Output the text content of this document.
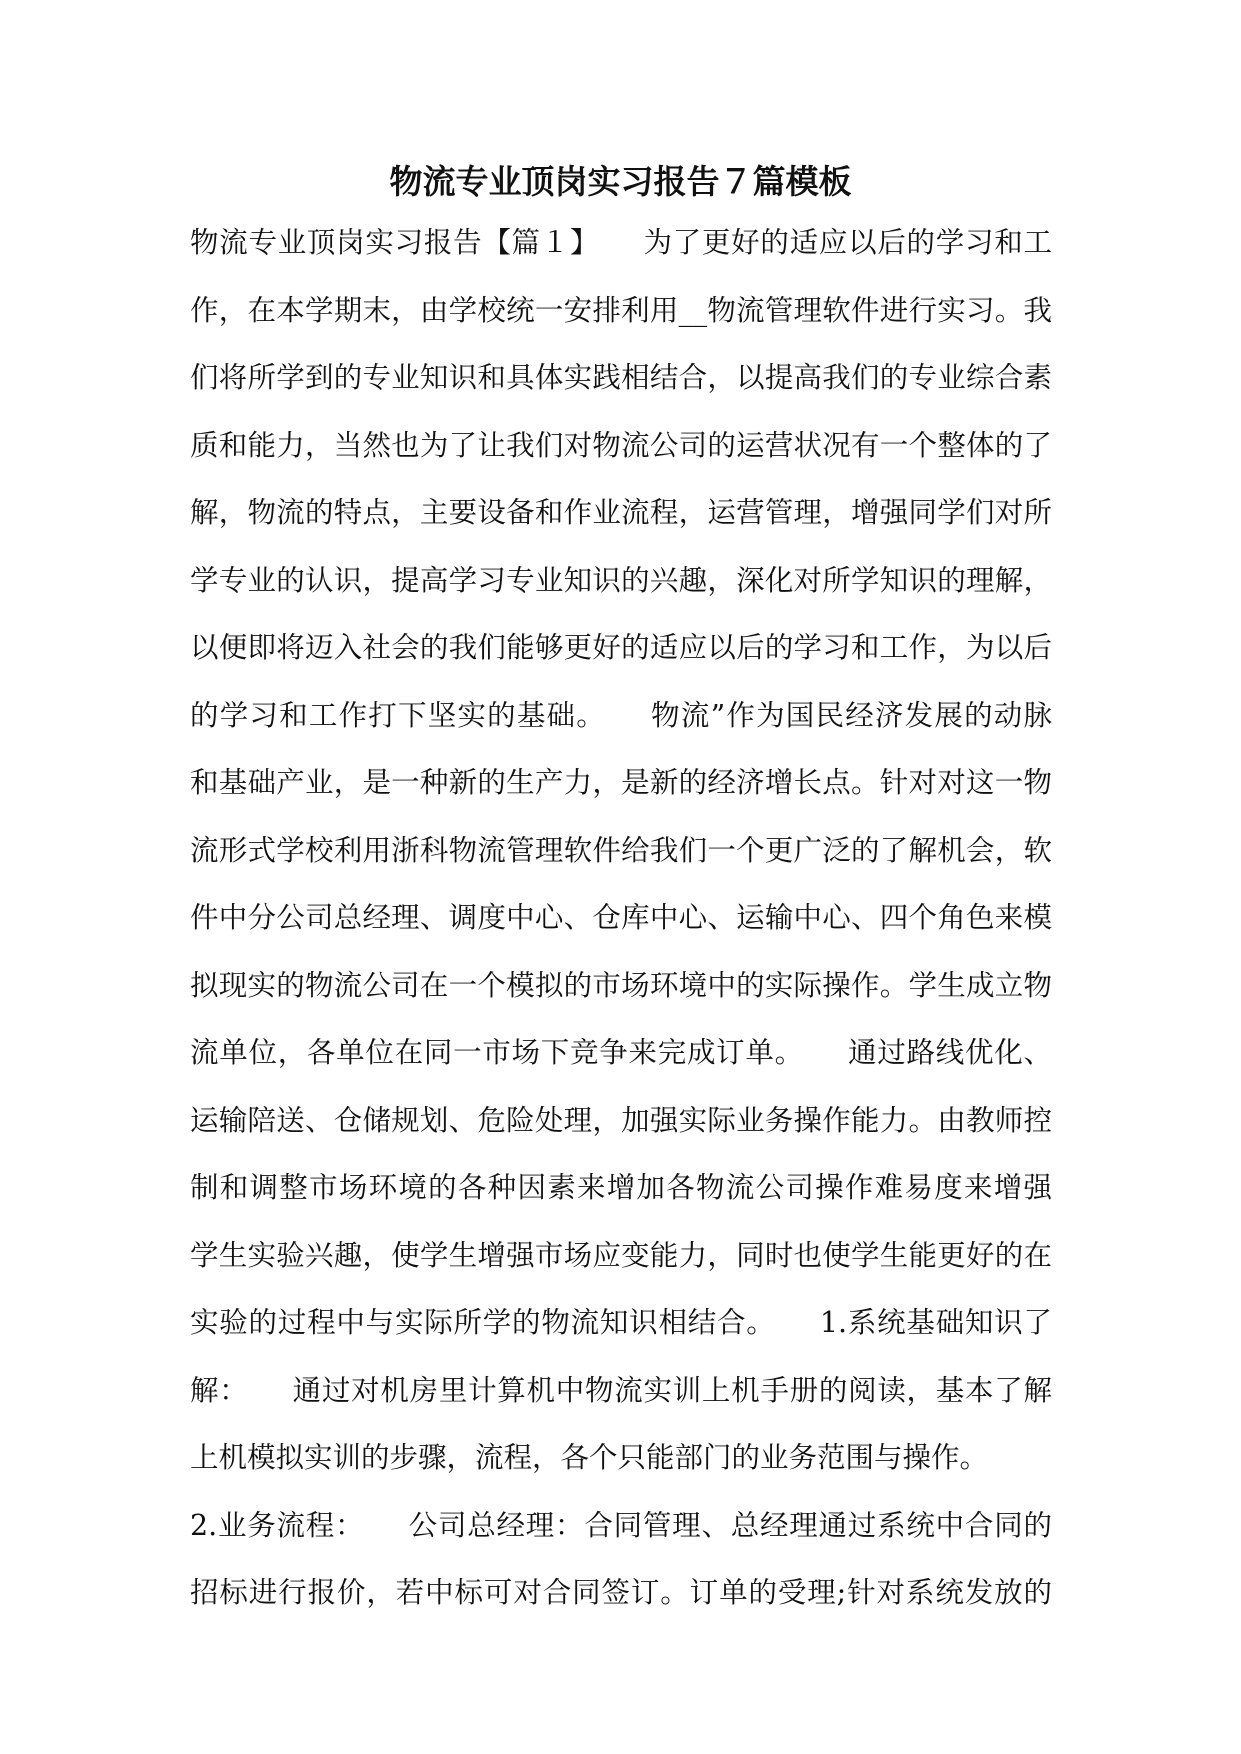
物流专业顶岗实习报告７篇模板
物流专业顶岗实习报告【篇１】　　为了更好的适应以后的学习和工
作，在本学期末，由学校统一安排利用__物流管理软件进行实习。我
们将所学到的专业知识和具体实践相结合，以提高我们的专业综合素
质和能力，当然也为了让我们对物流公司的运营状况有一个整体的了
解，物流的特点，主要设备和作业流程，运营管理，增强同学们对所
学专业的认识，提高学习专业知识的兴趣，深化对所学知识的理解，
以便即将迈入社会的我们能够更好的适应以后的学习和工作，为以后
的学习和工作打下坚实的基础。　　物流”作为国民经济发展的动脉
和基础产业，是一种新的生产力，是新的经济增长点。针对对这一物
流形式学校利用浙科物流管理软件给我们一个更广泛的了解机会，软
件中分公司总经理、调度中心、仓库中心、运输中心、四个角色来模
拟现实的物流公司在一个模拟的市场环境中的实际操作。学生成立物
流单位，各单位在同一市场下竞争来完成订单。　　通过路线优化、
运输陪送、仓储规划、危险处理，加强实际业务操作能力。由教师控
制和调整市场环境的各种因素来增加各物流公司操作难易度来增强
学生实验兴趣，使学生增强市场应变能力，同时也使学生能更好的在
实验的过程中与实际所学的物流知识相结合。　　1.系统基础知识了
解：　　通过对机房里计算机中物流实训上机手册的阅读，基本了解
上机模拟实训的步骤，流程，各个只能部门的业务范围与操作。
2.业务流程：　　公司总经理：合同管理、总经理通过系统中合同的
招标进行报价，若中标可对合同签订。订单的受理;针对系统发放的
